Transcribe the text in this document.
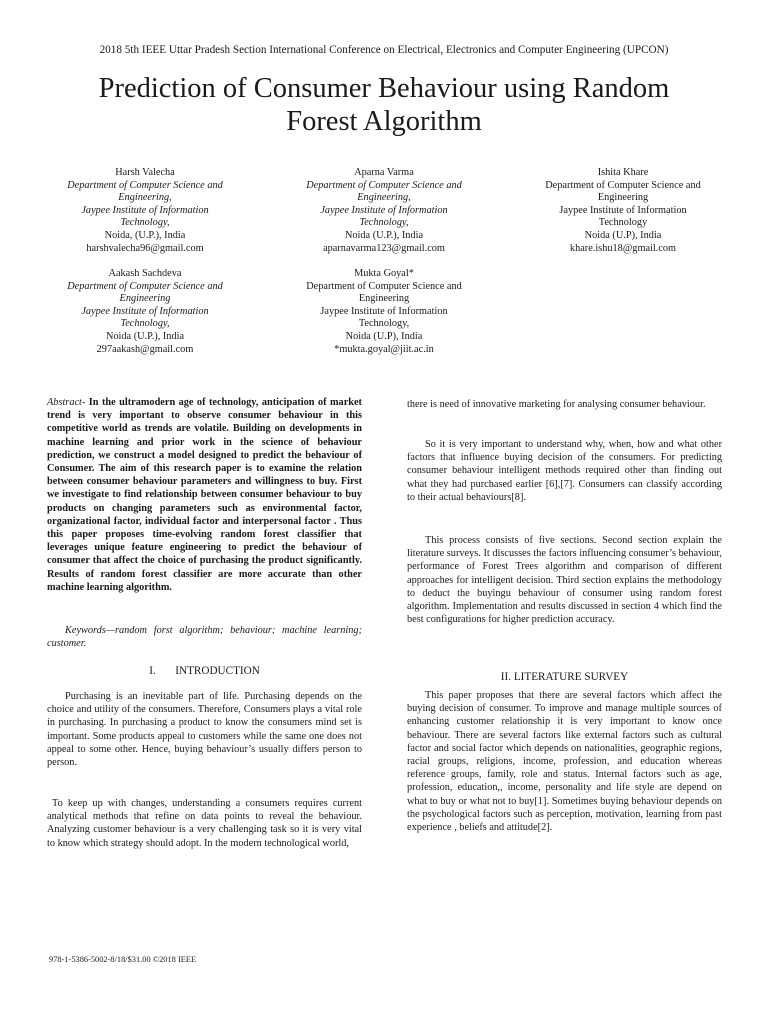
2018 5th IEEE Uttar Pradesh Section International Conference on Electrical, Electronics and Computer Engineering (UPCON)
Prediction of Consumer Behaviour using Random
Forest Algorithm
Harsh Valecha
Department of Computer Science and
Engineering,
Jaypee Institute of Information
Technology,
Noida, (U.P.), India
harshvalecha96@gmail.com
Aparna Varma
Department of Computer Science and
Engineering,
Jaypee Institute of Information
Technology,
Noida (U.P.), India
aparnavarma123@gmail.com
Ishita Khare
Department of Computer Science and
Engineering
Jaypee Institute of Information
Technology
Noida (U.P), India
khare.ishu18@gmail.com
Aakash Sachdeva
Department of Computer Science and
Engineering
Jaypee Institute of Information
Technology,
Noida (U.P.), India
297aakash@gmail.com
Mukta Goyal*
Department of Computer Science and
Engineering
Jaypee Institute of Information
Technology,
Noida (U.P), India
*mukta.goyal@jiit.ac.in

Abstract- In the ultramodern age of technology, anticipation of market trend is very important to observe consumer behaviour in this competitive world as trends are volatile. Building on developments in machine learning and prior work in the science of behaviour prediction, we construct a model designed to predict the behaviour of Consumer. The aim of this research paper is to examine the relation between consumer behaviour parameters and willingness to buy. First we investigate to find relationship between consumer behaviour to buy products on changing parameters such as environmental factor, organizational factor, individual factor and interpersonal factor . Thus this paper proposes time-evolving random forest classifier that leverages unique feature engineering to predict the behaviour of consumer that affect the choice of purchasing the product significantly. Results of random forest classifier are more accurate than other machine learning algorithm.

Keywords—random forst algorithm; behaviour; machine learning; customer.

I.       INTRODUCTION

Purchasing is an inevitable part of life. Purchasing depends on the choice and utility of the consumers. Therefore, Consumers plays a vital role in purchasing. In purchasing a product to know the consumers mind set is important. Some products appeal to customers while the same one does not appeal to some other. Hence, buying behaviour’s usually differs person to person.

To keep up with changes, understanding a consumers requires current analytical methods that refine on data points to reveal the behaviour. Analyzing customer behaviour is a very challenging task so it is very vital to know which strategy should adopt. In the modern technological world,

there is need of innovative marketing for analysing consumer behaviour.

So it is very important to understand why, when, how and what other factors that influence buying decision of the consumers. For predicting consumer behaviour intelligent methods required other than finding out what they had purchased earlier [6],[7]. Consumers can classify according to their actual behaviours[8].

This process consists of five sections. Second section explain the literature surveys. It discusses the factors influencing consumer’s behaviour, performance of Forest Trees algorithm and comparison of different approaches for intelligent decision. Third section explains the methodology to deduct the buyingu behaviour of consumer using random forest algorithm. Implementation and results discussed in section 4 which find the best configurations for higher prediction accuracy.

II. LITERATURE SURVEY

This paper proposes that there are several factors which affect the buying decision of consumer. To improve and manage multiple sources of enhancing customer relationship it is very important to know once behaviour. There are several factors like external factors such as cultural factor and social factor which depends on nationalities, geographic regions, racial groups, religions, income, profession, and education whereas reference groups, family, role and status. Internal factors such as age, profession, education,, income, personality and life style are depend on what to buy or what not to buy[1]. Sometimes buying behaviour depends on the psychological factors such as perception, motivation, learning from past experience , beliefs and attitude[2].

978-1-5386-5002-8/18/$31.00 ©2018 IEEE
